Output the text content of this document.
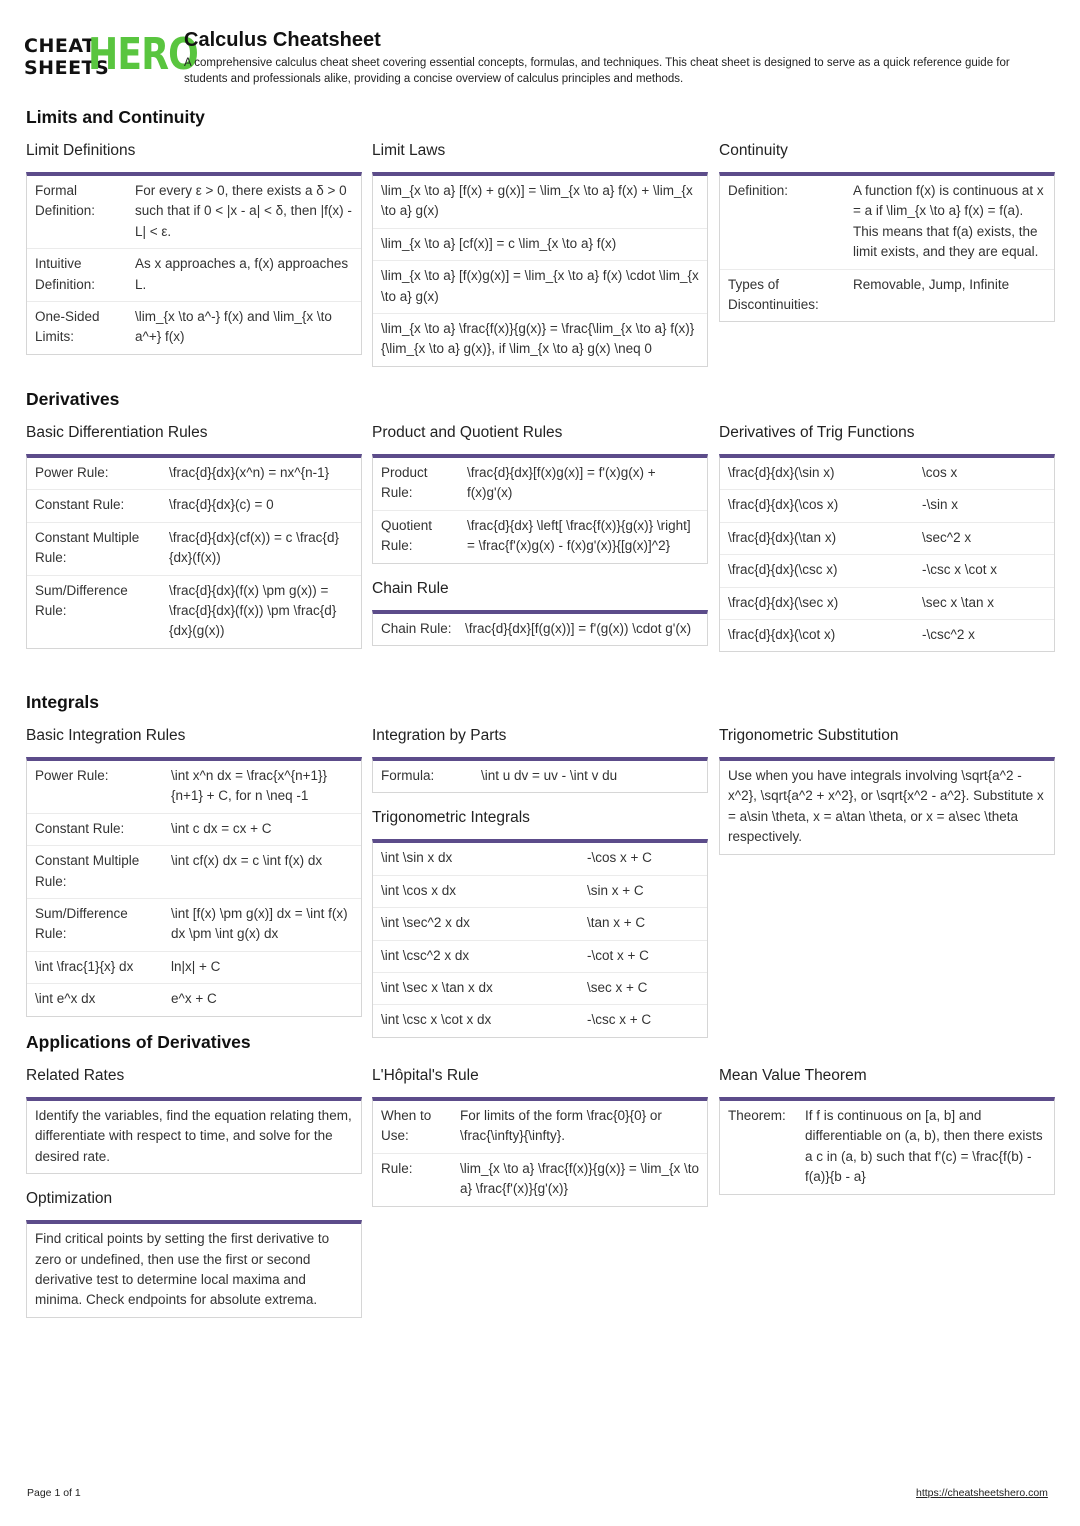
CHEAT
SHEETS
HERO
Calculus Cheatsheet
A comprehensive calculus cheat sheet covering essential concepts, formulas, and techniques. This cheat sheet is designed to serve as a quick reference guide for students and professionals alike, providing a concise overview of calculus principles and methods.
Limits and Continuity
Limit Definitions
Formal Definition:
For every ε > 0, there exists a δ > 0 such that if 0 < |x - a| < δ, then |f(x) - L| < ε.
Intuitive Definition:
As x approaches a, f(x) approaches L.
One-Sided Limits:
\lim_{x \to a^-} f(x) and \lim_{x \to a^+} f(x)
Limit Laws
\lim_{x \to a} [f(x) + g(x)] = \lim_{x \to a} f(x) + \lim_{x \to a} g(x)
\lim_{x \to a} [cf(x)] = c \lim_{x \to a} f(x)
\lim_{x \to a} [f(x)g(x)] = \lim_{x \to a} f(x) \cdot \lim_{x \to a} g(x)
\lim_{x \to a} \frac{f(x)}{g(x)} = \frac{\lim_{x \to a} f(x)}{\lim_{x \to a} g(x)}, if \lim_{x \to a} g(x) \neq 0
Continuity
Definition:	A function f(x) is continuous at x = a if \lim_{x \to a} f(x) = f(a). This means that f(a) exists, the limit exists, and they are equal.
Types of Discontinuities:
Removable, Jump, Infinite
Derivatives
Basic Differentiation Rules
Power Rule:	\frac{d}{dx}(x^n) = nx^{n-1}
Constant Rule:	\frac{d}{dx}(c) = 0
Constant Multiple Rule:
\frac{d}{dx}(cf(x)) = c \frac{d}{dx}(f(x))
Sum/Difference Rule:
\frac{d}{dx}(f(x) \pm g(x)) = \frac{d}{dx}(f(x)) \pm \frac{d}{dx}(g(x))
Product and Quotient Rules
Product Rule:
\frac{d}{dx}[f(x)g(x)] = f'(x)g(x) + f(x)g'(x)
Quotient Rule:
\frac{d}{dx} \left[ \frac{f(x)}{g(x)} \right] = \frac{f'(x)g(x) - f(x)g'(x)}{[g(x)]^2}
Chain Rule
Chain Rule: \frac{d}{dx}[f(g(x))] = f'(g(x)) \cdot g'(x)
Derivatives of Trig Functions
\frac{d}{dx}(\sin x)	\cos x
\frac{d}{dx}(\cos x)	-\sin x
\frac{d}{dx}(\tan x)	\sec^2 x
\frac{d}{dx}(\csc x)	-\csc x \cot x
\frac{d}{dx}(\sec x)	\sec x \tan x
\frac{d}{dx}(\cot x)	-\csc^2 x
Integrals
Basic Integration Rules
Power Rule:	\int x^n dx = \frac{x^{n+1}}{n+1} + C, for n \neq -1
Constant Rule:	\int c dx = cx + C
Constant Multiple Rule:
\int cf(x) dx = c \int f(x) dx
Sum/Difference Rule:
\int [f(x) \pm g(x)] dx = \int f(x) dx \pm \int g(x) dx
\int \frac{1}{x} dx	ln|x| + C
\int e^x dx	e^x + C
Integration by Parts
Formula:	\int u dv = uv - \int v du
Trigonometric Integrals
\int \sin x dx	-\cos x + C
\int \cos x dx	\sin x + C
\int \sec^2 x dx	\tan x + C
\int \csc^2 x dx	-\cot x + C
\int \sec x \tan x dx	\sec x + C
\int \csc x \cot x dx	-\csc x + C
Trigonometric Substitution
Use when you have integrals involving \sqrt{a^2 - x^2}, \sqrt{a^2 + x^2}, or \sqrt{x^2 - a^2}. Substitute x = a\sin \theta, x = a\tan \theta, or x = a\sec \theta respectively.
Applications of Derivatives
Related Rates
Identify the variables, find the equation relating them, differentiate with respect to time, and solve for the desired rate.
Optimization
Find critical points by setting the first derivative to zero or undefined, then use the first or second derivative test to determine local maxima and minima. Check endpoints for absolute extrema.
L'Hôpital's Rule
When to Use:
For limits of the form \frac{0}{0} or \frac{\infty}{\infty}.
Rule:	\lim_{x \to a} \frac{f(x)}{g(x)} = \lim_{x \to a} \frac{f'(x)}{g'(x)}
Mean Value Theorem
Theorem:	If f is continuous on [a, b] and differentiable on (a, b), then there exists a c in (a, b) such that f'(c) = \frac{f(b) - f(a)}{b - a}
Page 1 of 1	https://cheatsheetshero.com
